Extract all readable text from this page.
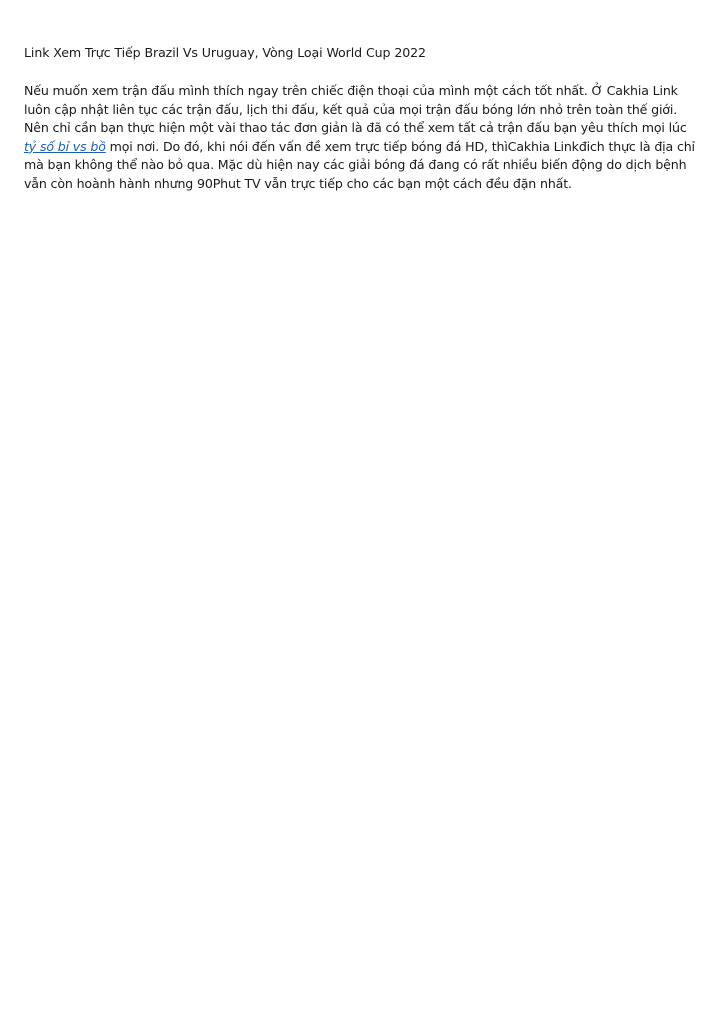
Link Xem Trực Tiếp Brazil Vs Uruguay, Vòng Loại World Cup 2022

Nếu muốn xem trận đấu mình thích ngay trên chiếc điện thoại của mình một cách tốt nhất. Ở Cakhia Link luôn cập nhật liên tục các trận đấu, lịch thi đấu, kết quả của mọi trận đấu bóng lớn nhỏ trên toàn thế giới. Nên chỉ cần bạn thực hiện một vài thao tác đơn giản là đã có thể xem tất cả trận đấu bạn yêu thích mọi lúc tỷ số bỉ vs bồ mọi nơi. Do đó, khi nói đến vấn đề xem trực tiếp bóng đá HD, thìCakhia Linkđich thực là địa chỉ mà bạn không thể nào bỏ qua. Mặc dù hiện nay các giải bóng đá đang có rất nhiều biến động do dịch bệnh vẫn còn hoành hành nhưng 90Phut TV vẫn trực tiếp cho các bạn một cách đều đặn nhất.
